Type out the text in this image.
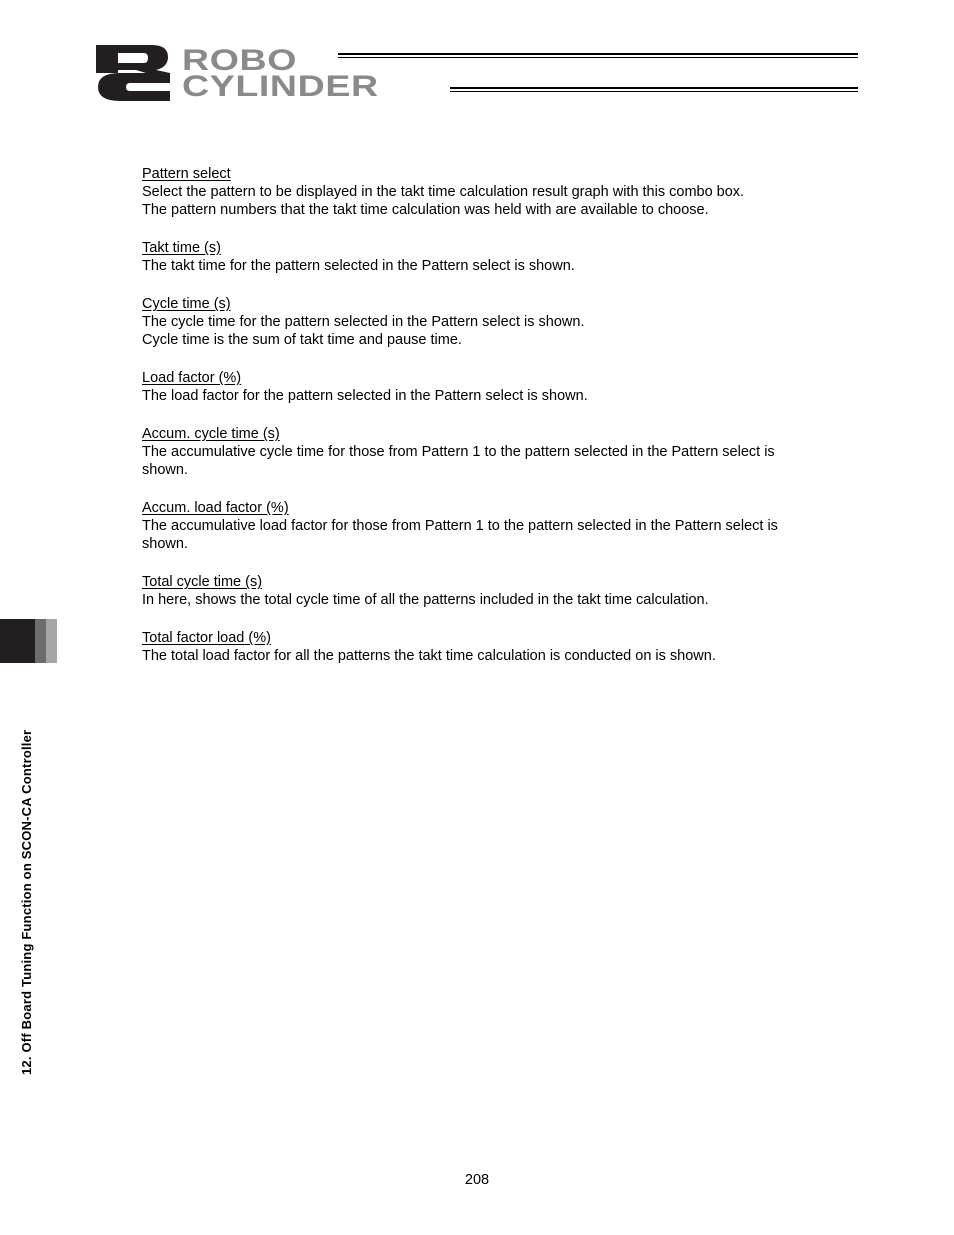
ROBO
CYLINDER
Pattern select

Select the pattern to be displayed in the takt time calculation result graph with this combo box.

The pattern numbers that the takt time calculation was held with are available to choose.

Takt time (s)

The takt time for the pattern selected in the Pattern select is shown.

Cycle time (s)

The cycle time for the pattern selected in the Pattern select is shown.

Cycle time is the sum of takt time and pause time.

Load factor (%)

The load factor for the pattern selected in the Pattern select is shown.

Accum. cycle time (s)

The accumulative cycle time for those from Pattern 1 to the pattern selected in the Pattern select is

shown.

Accum. load factor (%)

The accumulative load factor for those from Pattern 1 to the pattern selected in the Pattern select is

shown.

Total cycle time (s)

In here, shows the total cycle time of all the patterns included in the takt time calculation.

Total factor load (%)

The total load factor for all the patterns the takt time calculation is conducted on is shown.

12. Off Board Tuning Function on SCON-CA Controller
208
